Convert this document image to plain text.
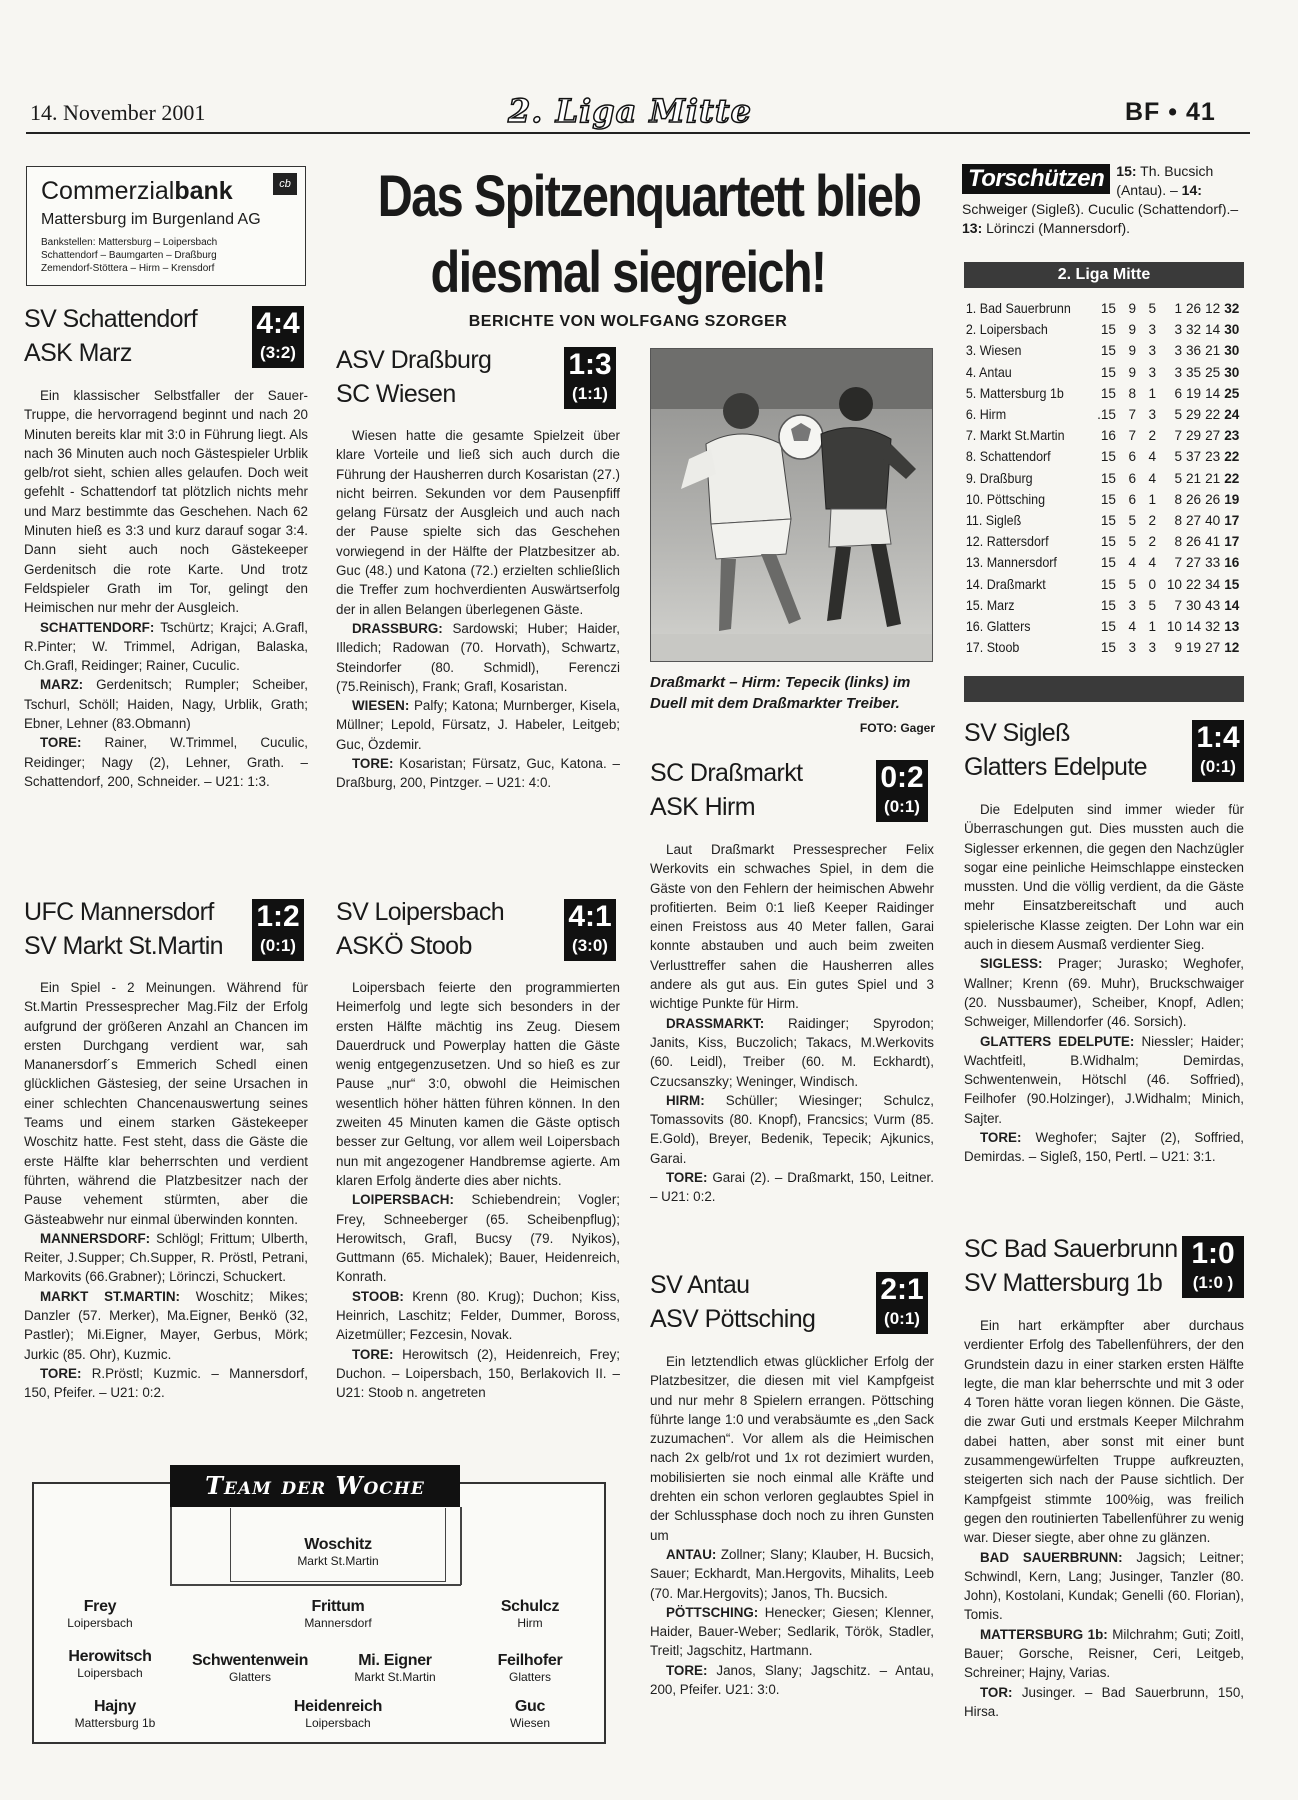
14. November 2001	2. Liga Mitte	BF • 41
Commerzialbank	cb
Mattersburg im Burgenland AG
Bankstellen: Mattersburg – Loipersbach
Schattendorf – Baumgarten – Draßburg
Zemendorf-Stöttera – Hirm – Krensdorf
Das Spitzenquartett blieb
diesmal siegreich!
BERICHTE VON WOLFGANG SZORGER
SV Schattendorf
ASK Marz
4:4
(3:2)

Ein klassischer Selbstfaller der Sauer-Truppe, die hervorragend beginnt und nach 20 Minuten bereits klar mit 3:0 in Führung liegt. Als nach 36 Minuten auch noch Gästespieler Urblik gelb/rot sieht, schien alles gelaufen. Doch weit gefehlt - Schattendorf tat plötzlich nichts mehr und Marz bestimmte das Geschehen. Nach 62 Minuten hieß es 3:3 und kurz darauf sogar 3:4. Dann sieht auch noch Gästekeeper Gerdenitsch die rote Karte. Und trotz Feldspieler Grath im Tor, gelingt den Heimischen nur mehr der Ausgleich.

SCHATTENDORF: Tschürtz; Krajci; A.Grafl, R.Pinter; W. Trimmel, Adrigan, Balaska, Ch.Grafl, Reidinger; Rainer, Cuculic.

MARZ: Gerdenitsch; Rumpler; Scheiber, Tschurl, Schöll; Haiden, Nagy, Urblik, Grath; Ebner, Lehner (83.Obmann)

TORE: Rainer, W.Trimmel, Cuculic, Reidinger; Nagy (2), Lehner, Grath. – Schattendorf, 200, Schneider. – U21: 1:3.

UFC Mannersdorf
SV Markt St.Martin
1:2
(0:1)

Ein Spiel - 2 Meinungen. Während für St.Martin Pressesprecher Mag.Filz der Erfolg aufgrund der größeren Anzahl an Chancen im ersten Durchgang verdient war, sah Mananersdorf´s Emmerich Schedl einen glücklichen Gästesieg, der seine Ursachen in einer schlechten Chancenauswertung seines Teams und einem starken Gästekeeper Woschitz hatte. Fest steht, dass die Gäste die erste Hälfte klar beherrschten und verdient führten, während die Platzbesitzer nach der Pause vehement stürmten, aber die Gästeabwehr nur einmal überwinden konnten.

MANNERSDORF: Schlögl; Frittum; Ulberth, Reiter, J.Supper; Ch.Supper, R. Pröstl, Petrani, Markovits (66.Grabner); Lörinczi, Schuckert.

MARKT ST.MARTIN: Woschitz; Mikes; Danzler (57. Merker), Ma.Eigner, Bенkö (32, Pastler); Mi.Eigner, Mayer, Gerbus, Mörk; Jurkic (85. Ohr), Kuzmic.

TORE: R.Pröstl; Kuzmic. – Mannersdorf, 150, Pfeifer. – U21: 0:2.

ASV Draßburg
SC Wiesen
1:3
(1:1)

Wiesen hatte die gesamte Spielzeit über klare Vorteile und ließ sich auch durch die Führung der Hausherren durch Kosaristan (27.) nicht beirren. Sekunden vor dem Pausenpfiff gelang Fürsatz der Ausgleich und auch nach der Pause spielte sich das Geschehen vorwiegend in der Hälfte der Platzbesitzer ab. Guc (48.) und Katona (72.) erzielten schließlich die Treffer zum hochverdienten Auswärtserfolg der in allen Belangen überlegenen Gäste.

DRASSBURG: Sardowski; Huber; Haider, Illedich; Radowan (70. Horvath), Schwartz, Steindorfer (80. Schmidl), Ferenczi (75.Reinisch), Frank; Grafl, Kosaristan.

WIESEN: Palfy; Katona; Murnberger, Kisela, Müllner; Lepold, Fürsatz, J. Habeler, Leitgeb; Guc, Özdemir.

TORE: Kosaristan; Fürsatz, Guc, Katona. – Draßburg, 200, Pintzger. – U21: 4:0.

SV Loipersbach
ASKÖ Stoob
4:1
(3:0)

Loipersbach feierte den programmierten Heimerfolg und legte sich besonders in der ersten Hälfte mächtig ins Zeug. Diesem Dauerdruck und Powerplay hatten die Gäste wenig entgegenzusetzen. Und so hieß es zur Pause „nur“ 3:0, obwohl die Heimischen wesentlich höher hätten führen können. In den zweiten 45 Minuten kamen die Gäste optisch besser zur Geltung, vor allem weil Loipersbach nun mit angezogener Handbremse agierte. Am klaren Erfolg änderte dies aber nichts.

LOIPERSBACH: Schiebendrein; Vogler; Frey, Schneeberger (65. Scheibenpflug); Herowitsch, Grafl, Bucsy (79. Nyikos), Guttmann (65. Michalek); Bauer, Heidenreich, Konrath.

STOOB: Krenn (80. Krug); Duchon; Kiss, Heinrich, Laschitz; Felder, Dummer, Boross, Aizetmüller; Fezcesin, Novak.

TORE: Herowitsch (2), Heidenreich, Frey; Duchon. – Loipersbach, 150, Berlakovich II. – U21: Stoob n. angetreten

Draßmarkt – Hirm: Tepecik (links) im Duell mit dem Draßmarkter Treiber.
FOTO: Gager
SC Draßmarkt
ASK Hirm
0:2
(0:1)

Laut Draßmarkt Pressesprecher Felix Werkovits ein schwaches Spiel, in dem die Gäste von den Fehlern der heimischen Abwehr profitierten. Beim 0:1 ließ Keeper Raidinger einen Freistoss aus 40 Meter fallen, Garai konnte abstauben und auch beim zweiten Verlusttreffer sahen die Hausherren alles andere als gut aus. Ein gutes Spiel und 3 wichtige Punkte für Hirm.

DRASSMARKT: Raidinger; Spyrodon; Janits, Kiss, Buczolich; Takacs, M.Werkovits (60. Leidl), Treiber (60. M. Eckhardt), Czucsanszky; Weninger, Windisch.

HIRM: Schüller; Wiesinger; Schulcz, Tomassovits (80. Knopf), Francsics; Vurm (85. E.Gold), Breyer, Bedenik, Tepecik; Ajkunics, Garai.

TORE: Garai (2). – Draßmarkt, 150, Leitner. – U21: 0:2.

SV Antau
ASV Pöttsching
2:1
(0:1)

Ein letztendlich etwas glücklicher Erfolg der Platzbesitzer, die diesen mit viel Kampfgeist und nur mehr 8 Spielern errangen. Pöttsching führte lange 1:0 und verabsäumte es „den Sack zuzumachen“. Vor allem als die Heimischen nach 2x gelb/rot und 1x rot dezimiert wurden, mobilisierten sie noch einmal alle Kräfte und drehten ein schon verloren geglaubtes Spiel in der Schlussphase doch noch zu ihren Gunsten um

ANTAU: Zollner; Slany; Klauber, H. Bucsich, Sauer; Eckhardt, Man.Hergovits, Mihalits, Leeb (70. Mar.Hergovits); Janos, Th. Bucsich.

PÖTTSCHING: Henecker; Giesen; Klenner, Haider, Bauer-Weber; Sedlarik, Török, Stadler, Treitl; Jagschitz, Hartmann.

TORE: Janos, Slany; Jagschitz. – Antau, 200, Pfeifer. U21: 3:0.

Torschützen 15: Th. Bucsich (Antau). – 14: Schweiger (Sigleß). Cuculic (Schattendorf).– 13: Lörinczi (Mannersdorf).
2. Liga Mitte
1. Bad Sauerbrunn	15	9	5	1	26	12	32
2. Loipersbach	15	9	3	3	32	14	30
3. Wiesen	15	9	3	3	36	21	30
4. Antau	15	9	3	3	35	25	30
5. Mattersburg 1b	15	8	1	6	19	14	25
6. Hirm	.15	7	3	5	29	22	24
7. Markt St.Martin	16	7	2	7	29	27	23
8. Schattendorf	15	6	4	5	37	23	22
9. Draßburg	15	6	4	5	21	21	22
10. Pöttsching	15	6	1	8	26	26	19
11. Sigleß	15	5	2	8	27	40	17
12. Rattersdorf	15	5	2	8	26	41	17
13. Mannersdorf	15	4	4	7	27	33	16
14. Draßmarkt	15	5	0	10	22	34	15
15. Marz	15	3	5	7	30	43	14
16. Glatters	15	4	1	10	14	32	13
17. Stoob	15	3	3	9	19	27	12
SV Siglеß
Glatters Edelpute
1:4
(0:1)

Die Edelputen sind immer wieder für Überraschungen gut. Dies mussten auch die Siglesser erkennen, die gegen den Nachzügler sogar eine peinliche Heimschlappe einstecken mussten. Und die völlig verdient, da die Gäste mehr Einsatzbereitschaft und auch spielerische Klasse zeigten. Der Lohn war ein auch in diesem Ausmaß verdienter Sieg.

SIGLESS: Prager; Jurasko; Weghofer, Wallner; Krenn (69. Muhr), Bruckschwaiger (20. Nussbaumer), Scheiber, Knopf, Adlen; Schweiger, Millendorfer (46. Sorsich).

GLATTERS EDELPUTE: Niessler; Haider; Wachtfeitl, B.Widhalm; Demirdas, Schwentenwein, Hötschl (46. Soffried), Feilhofer (90.Holzinger), J.Widhalm; Minich, Sajter.

TORE: Weghofer; Sajter (2), Soffried, Demirdas. – Sigleß, 150, Pertl. – U21: 3:1.

SC Bad Sauerbrunn
SV Mattersburg 1b
1:0
(1:0 )

Ein hart erkämpfter aber durchaus verdienter Erfolg des Tabellenführers, der den Grundstein dazu in einer starken ersten Hälfte legte, die man klar beherrschte und mit 3 oder 4 Toren hätte voran liegen können. Die Gäste, die zwar Guti und erstmals Keeper Milchrahm dabei hatten, aber sonst mit einer bunt zusammengewürfelten Truppe aufkreuzten, steigerten sich nach der Pause sichtlich. Der Kampfgeist stimmte 100%ig, was freilich gegen den routinierten Tabellenführer zu wenig war. Dieser siegte, aber ohne zu glänzen.

BAD SAUERBRUNN: Jagsich; Leitner; Schwindl, Kern, Lang; Jusinger, Tanzler (80. John), Kostolani, Kundak; Genelli (60. Florian), Tomis.

MATTERSBURG 1b: Milchrahm; Guti; Zoitl, Bauer; Gorsche, Reisner, Ceri, Leitgeb, Schreiner; Hajny, Varias.

TOR: Jusinger. – Bad Sauerbrunn, 150, Hirsa.

Team der Woche
Woschitz
Markt St.Martin
Frey
Loipersbach
Frittum
Mannersdorf
Schulcz
Hirm
Herowitsch
Loipersbach
Schwentenwein
Glatters
Mi. Eigner
Markt St.Martin
Feilhofer
Glatters
Hajny
Mattersburg 1b
Heidenreich
Loipersbach
Guc
Wiesen
